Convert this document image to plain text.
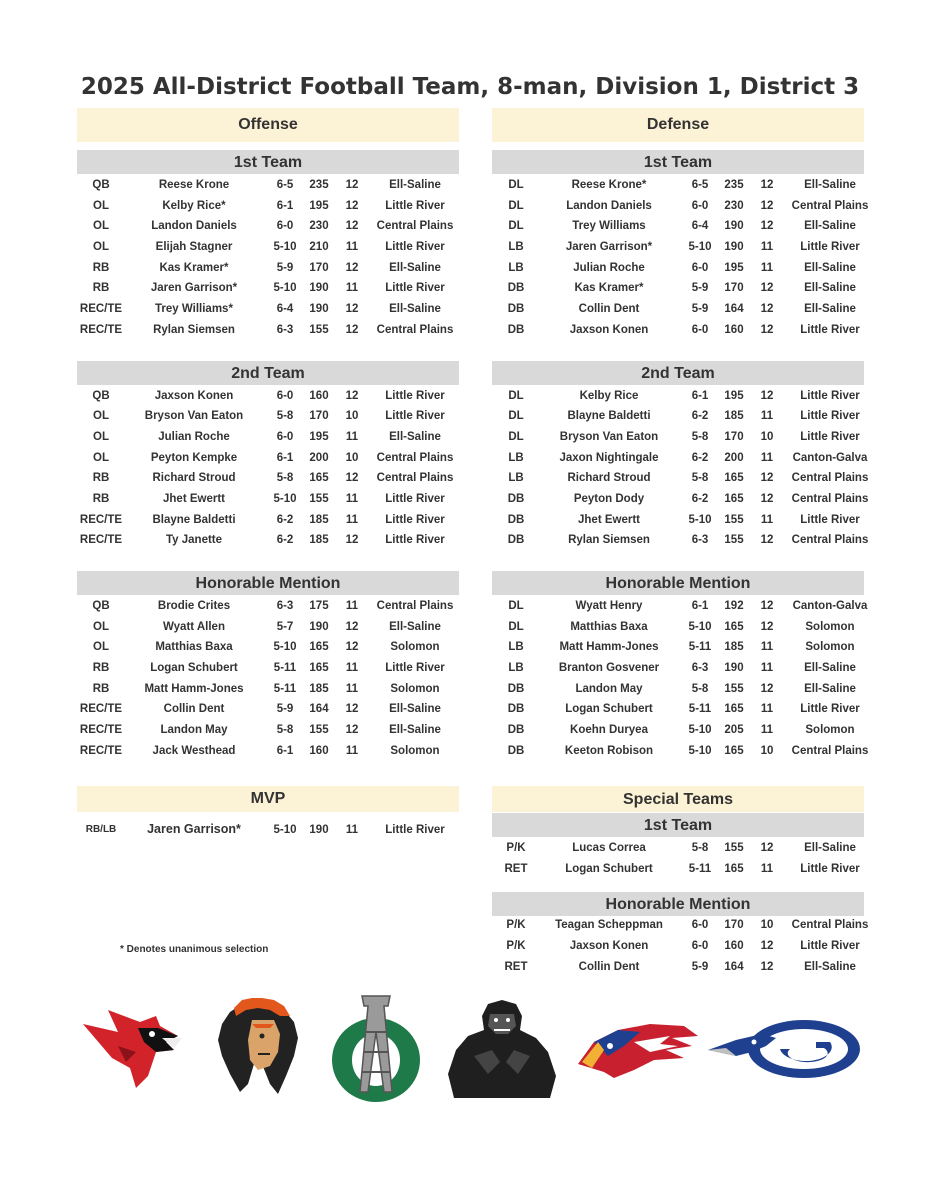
2025 All-District Football Team, 8-man, Division 1, District 3
Offense
1st Team
QB	Reese Krone	6-5	235	12	Ell-Saline
OL	Kelby Rice*	6-1	195	12	Little River
OL	Landon Daniels	6-0	230	12	Central Plains
OL	Elijah Stagner	5-10	210	11	Little River
RB	Kas Kramer*	5-9	170	12	Ell-Saline
RB	Jaren Garrison*	5-10	190	11	Little River
REC/TE	Trey Williams*	6-4	190	12	Ell-Saline
REC/TE	Rylan Siemsen	6-3	155	12	Central Plains
2nd Team
QB	Jaxson Konen	6-0	160	12	Little River
OL	Bryson Van Eaton	5-8	170	10	Little River
OL	Julian Roche	6-0	195	11	Ell-Saline
OL	Peyton Kempke	6-1	200	10	Central Plains
RB	Richard Stroud	5-8	165	12	Central Plains
RB	Jhet Ewertt	5-10	155	11	Little River
REC/TE	Blayne Baldetti	6-2	185	11	Little River
REC/TE	Ty Janette	6-2	185	12	Little River
Honorable Mention
QB	Brodie Crites	6-3	175	11	Central Plains
OL	Wyatt Allen	5-7	190	12	Ell-Saline
OL	Matthias Baxa	5-10	165	12	Solomon
RB	Logan Schubert	5-11	165	11	Little River
RB	Matt Hamm-Jones	5-11	185	11	Solomon
REC/TE	Collin Dent	5-9	164	12	Ell-Saline
REC/TE	Landon May	5-8	155	12	Ell-Saline
REC/TE	Jack Westhead	6-1	160	11	Solomon
Defense
1st Team
DL	Reese Krone*	6-5	235	12	Ell-Saline
DL	Landon Daniels	6-0	230	12	Central Plains
DL	Trey Williams	6-4	190	12	Ell-Saline
LB	Jaren Garrison*	5-10	190	11	Little River
LB	Julian Roche	6-0	195	11	Ell-Saline
DB	Kas Kramer*	5-9	170	12	Ell-Saline
DB	Collin Dent	5-9	164	12	Ell-Saline
DB	Jaxson Konen	6-0	160	12	Little River
2nd Team
DL	Kelby Rice	6-1	195	12	Little River
DL	Blayne Baldetti	6-2	185	11	Little River
DL	Bryson Van Eaton	5-8	170	10	Little River
LB	Jaxon Nightingale	6-2	200	11	Canton-Galva
LB	Richard Stroud	5-8	165	12	Central Plains
DB	Peyton Dody	6-2	165	12	Central Plains
DB	Jhet Ewertt	5-10	155	11	Little River
DB	Rylan Siemsen	6-3	155	12	Central Plains
Honorable Mention
DL	Wyatt Henry	6-1	192	12	Canton-Galva
DL	Matthias Baxa	5-10	165	12	Solomon
LB	Matt Hamm-Jones	5-11	185	11	Solomon
LB	Branton Gosvener	6-3	190	11	Ell-Saline
DB	Landon May	5-8	155	12	Ell-Saline
DB	Logan Schubert	5-11	165	11	Little River
DB	Koehn Duryea	5-10	205	11	Solomon
DB	Keeton Robison	5-10	165	10	Central Plains
MVP
RB/LB	Jaren Garrison*	5-10	190	11	Little River
Special Teams
1st Team
P/K	Lucas Correa	5-8	155	12	Ell-Saline
RET	Logan Schubert	5-11	165	11	Little River
Honorable Mention
P/K	Teagan Scheppman	6-0	170	10	Central Plains
P/K	Jaxson Konen	6-0	160	12	Little River
RET	Collin Dent	5-9	164	12	Ell-Saline
* Denotes unanimous selection
